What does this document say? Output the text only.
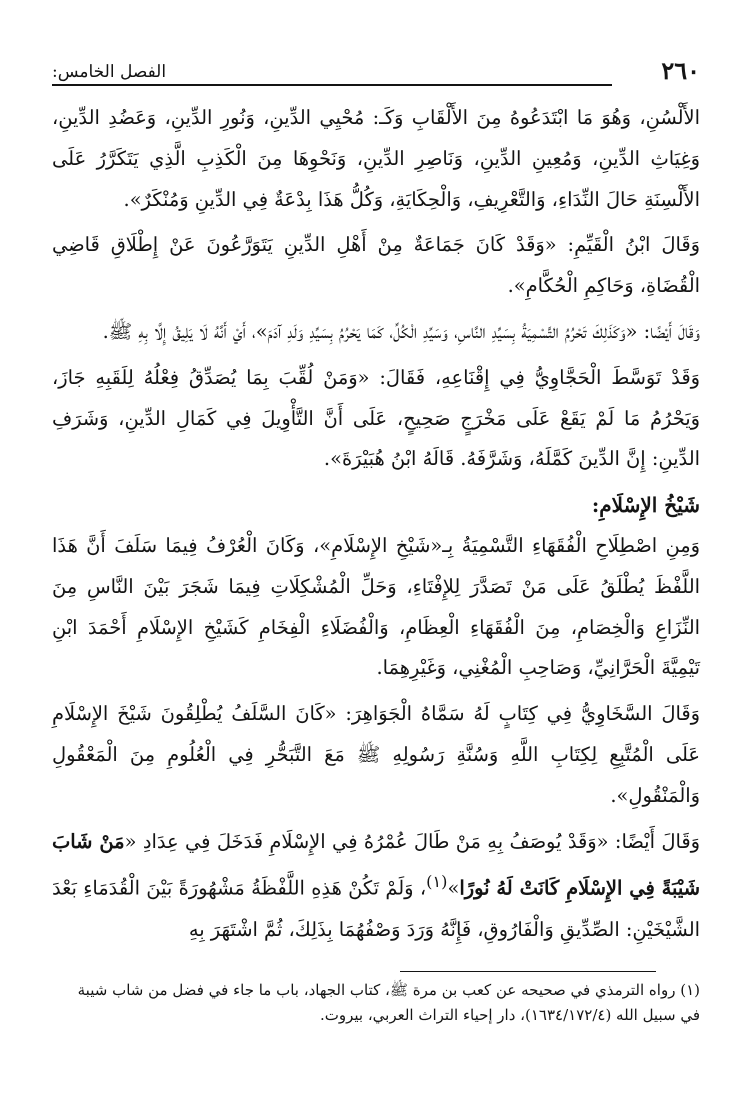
٢٦٠
الفصل الخامس:

الأَلْسُنِ، وَهُوَ مَا ابْتَدَعُوهُ مِنَ الأَلْقَابِ وَكَـ: مُحْيِي الدِّينِ، وَنُورِ الدِّينِ، وَعَضُدِ الدِّينِ، وَغِيَاثِ الدِّينِ، وَمُعِينِ الدِّينِ، وَنَاصِرِ الدِّينِ، وَنَحْوِهَا مِنَ الْكَذِبِ الَّذِي يَتَكَرَّرُ عَلَى الأَلْسِنَةِ حَالَ النِّدَاءِ، وَالتَّعْرِيفِ، وَالْحِكَايَةِ، وَكُلُّ هَذَا بِدْعَةٌ فِي الدِّينِ وَمُنْكَرٌ».

وَقَالَ ابْنُ الْقَيِّمِ: «وَقَدْ كَانَ جَمَاعَةٌ مِنْ أَهْلِ الدِّينِ يَتَوَرَّعُونَ عَنْ إِطْلَاقِ قَاضِي الْقُضَاةِ، وَحَاكِمِ الْحُكَّامِ».

وَقَالَ أَيْضًا: «وَكَذَلِكَ تَحْرُمُ التَّسْمِيَةُ بِسَيِّدِ النَّاسِ، وَسَيِّدِ الْكُلِّ، كَمَا يَحْرُمُ بِسَيِّدِ وَلَدِ آدَمَ»، أَيْ أَنَّهُ لَا يَلِيقُ إِلَّا بِهِ ﷺ.

وَقَدْ تَوَسَّطَ الْحَجَّاوِيُّ فِي إِقْنَاعِهِ، فَقَالَ: «وَمَنْ لُقِّبَ بِمَا يُصَدِّقُ فِعْلُهُ لِلَقَبِهِ جَازَ، وَيَحْرُمُ مَا لَمْ يَقَعْ عَلَى مَخْرَجٍ صَحِيحٍ، عَلَى أَنَّ التَّأْوِيلَ فِي كَمَالِ الدِّينِ، وَشَرَفِ الدِّينِ: إِنَّ الدِّينَ كَمَّلَهُ، وَشَرَّفَهُ. قَالَهُ ابْنُ هُبَيْرَةَ».

شَيْخُ الإِسْلَامِ:

وَمِنِ اصْطِلَاحِ الْفُقَهَاءِ التَّسْمِيَةُ بِـ«شَيْخِ الإِسْلَامِ»، وَكَانَ الْعُرْفُ فِيمَا سَلَفَ أَنَّ هَذَا اللَّفْظَ يُطْلَقُ عَلَى مَنْ تَصَدَّرَ لِلإِفْتَاءِ، وَحَلِّ الْمُشْكِلَاتِ فِيمَا شَجَرَ بَيْنَ النَّاسِ مِنَ النِّزَاعِ وَالْخِصَامِ، مِنَ الْفُقَهَاءِ الْعِظَامِ، وَالْفُضَلَاءِ الْفِخَامِ كَشَيْخِ الإِسْلَامِ أَحْمَدَ ابْنِ تَيْمِيَّةَ الْحَرَّانِيِّ، وَصَاحِبِ الْمُغْنِي، وَغَيْرِهِمَا.

وَقَالَ السَّخَاوِيُّ فِي كِتَابٍ لَهُ سَمَّاهُ الْجَوَاهِرَ: «كَانَ السَّلَفُ يُطْلِقُونَ شَيْخَ الإِسْلَامِ عَلَى الْمُتَّبِعِ لِكِتَابِ اللَّهِ وَسُنَّةِ رَسُولِهِ ﷺ مَعَ التَّبَحُّرِ فِي الْعُلُومِ مِنَ الْمَعْقُولِ وَالْمَنْقُولِ».

وَقَالَ أَيْضًا: «وَقَدْ يُوصَفُ بِهِ مَنْ طَالَ عُمْرُهُ فِي الإِسْلَامِ فَدَخَلَ فِي عِدَادِ «مَنْ شَابَ شَيْبَةً فِي الإِسْلَامِ كَانَتْ لَهُ نُورًا»$^{(١)}$، وَلَمْ تَكُنْ هَذِهِ اللَّفْظَةُ مَشْهُورَةً بَيْنَ الْقُدَمَاءِ بَعْدَ الشَّيْخَيْنِ: الصِّدِّيقِ وَالْفَارُوقِ، فَإِنَّهُ وَرَدَ وَصْفُهُمَا بِذَلِكَ، ثُمَّ اشْتَهَرَ بِهِ

(١) رواه الترمذي في صحيحه عن كعب بن مرة ﷺ، كتاب الجهاد، باب ما جاء في فضل من شاب شيبة

في سبيل الله (١٦٣٤/١٧٢/٤)، دار إحياء التراث العربي، بيروت.
